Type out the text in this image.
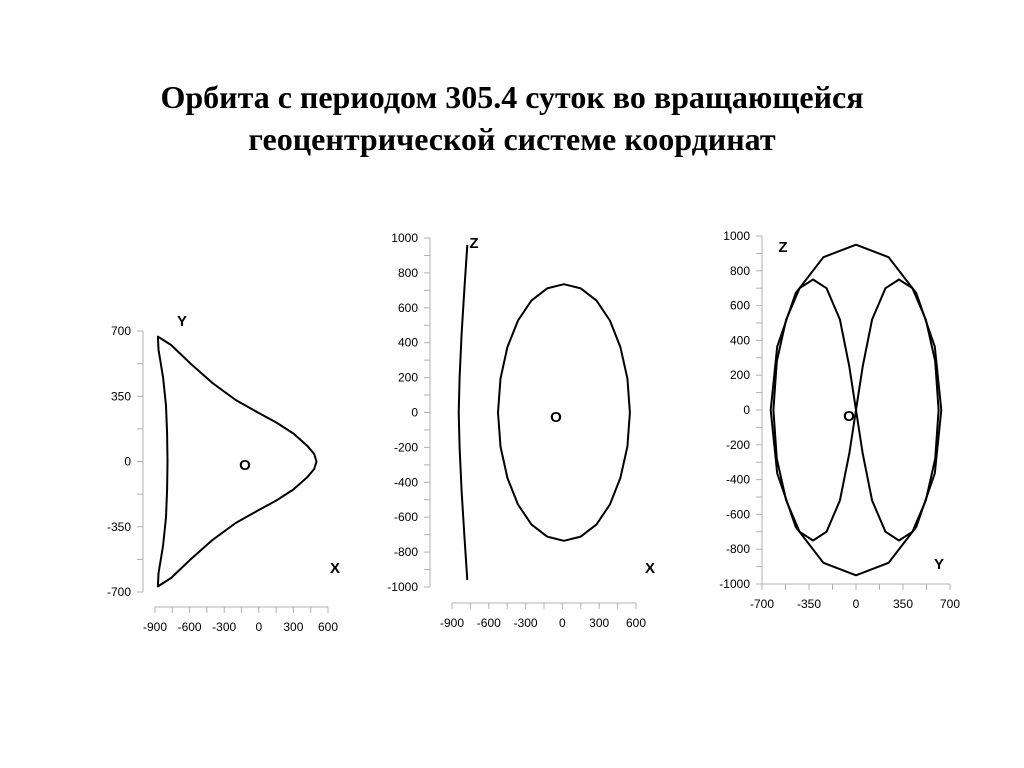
Орбита с периодом 305.4 суток во вращающейся
геоцентрической системе координат
-700
-350
0
350
700
-900 -600 -300 0 300 600
X
Y
O
-1000
-800
-600
-400
-200
0
200
400
600
800
1000
-900 -600 -300 0 300 600
X
Z
O
-1000
-800
-600
-400
-200
0
200
400
600
800
1000
-700 -350	0	350 700
Y
Z
O
